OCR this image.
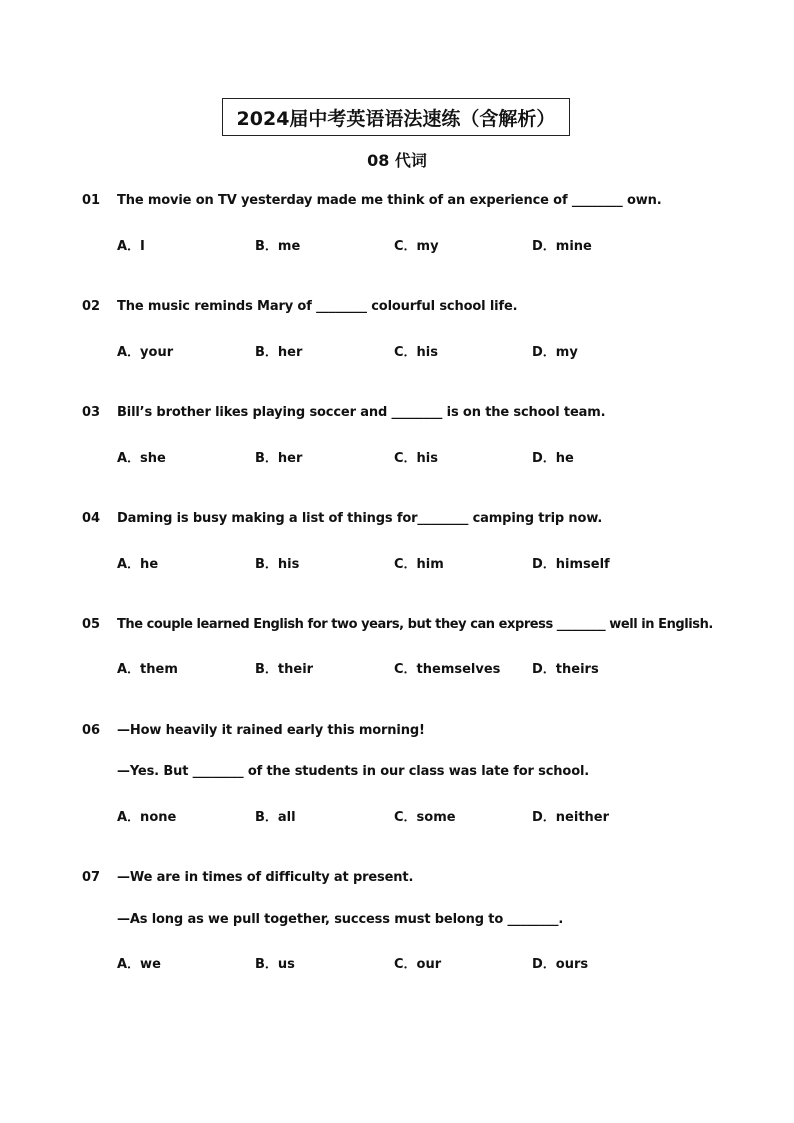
2024届中考英语语法速练（含解析）
08 代词
01 The movie on TV yesterday made me think of an experience of ________ own.
A．I	B．me	C．my	D．mine
02 The music reminds Mary of ________ colourful school life.
A．your	B．her	C．his	D．my
03 Bill’s brother likes playing soccer and ________ is on the school team.
A．she	B．her	C．his	D．he
04 Daming is busy making a list of things for________ camping trip now.
A．he	B．his	C．him	D．himself
05 The couple learned English for two years, but they can express ________ well in English.
A．them	B．their	C．themselves D．theirs
06 —How heavily it rained early this morning!
—Yes. But ________ of the students in our class was late for school.
A．none	B．all	C．some	D．neither
07 —We are in times of difficulty at present.
—As long as we pull together, success must belong to ________.
A．we	B．us	C．our	D．ours
